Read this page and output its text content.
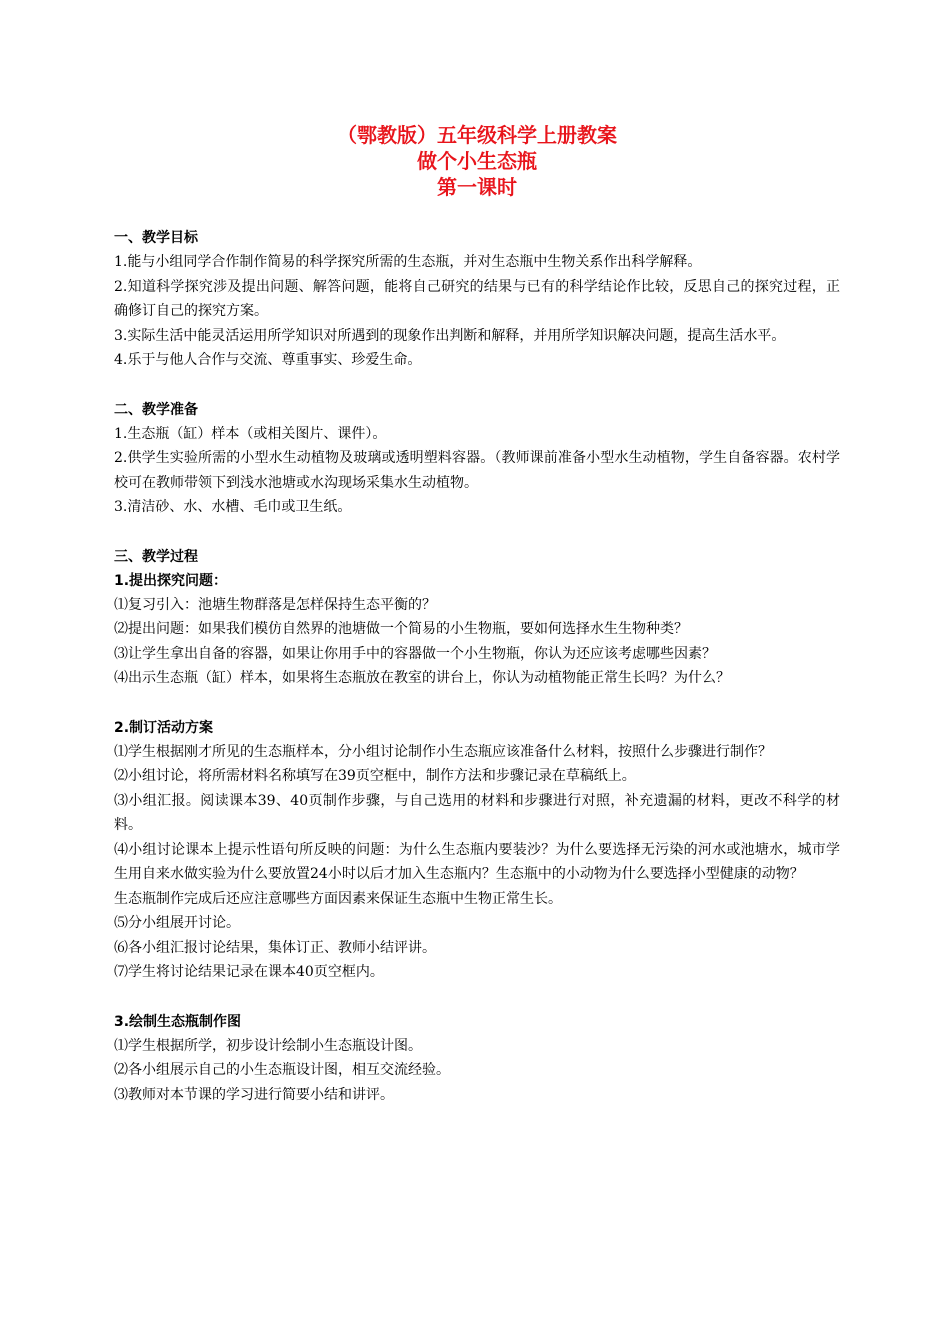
（鄂教版）五年级科学上册教案
做个小生态瓶
第一课时

一、教学目标

1.能与小组同学合作制作简易的科学探究所需的生态瓶，并对生态瓶中生物关系作出科学解释。

2.知道科学探究涉及提出问题、解答问题，能将自己研究的结果与已有的科学结论作比较，反思自己的探究过程，正确修订自己的探究方案。

3.实际生活中能灵活运用所学知识对所遇到的现象作出判断和解释，并用所学知识解决问题，提高生活水平。

4.乐于与他人合作与交流、尊重事实、珍爱生命。

二、教学准备

1.生态瓶（缸）样本（或相关图片、课件）。

2.供学生实验所需的小型水生动植物及玻璃或透明塑料容器。（教师课前准备小型水生动植物，学生自备容器。农村学校可在教师带领下到浅水池塘或水沟现场采集水生动植物。

3.清洁砂、水、水槽、毛巾或卫生纸。

三、教学过程

1.提出探究问题：

⑴复习引入：池塘生物群落是怎样保持生态平衡的？

⑵提出问题：如果我们模仿自然界的池塘做一个简易的小生物瓶，要如何选择水生生物种类？

⑶让学生拿出自备的容器，如果让你用手中的容器做一个小生物瓶，你认为还应该考虑哪些因素？

⑷出示生态瓶（缸）样本，如果将生态瓶放在教室的讲台上，你认为动植物能正常生长吗？为什么？

2.制订活动方案

⑴学生根据刚才所见的生态瓶样本，分小组讨论制作小生态瓶应该准备什么材料，按照什么步骤进行制作？

⑵小组讨论，将所需材料名称填写在39页空框中，制作方法和步骤记录在草稿纸上。

⑶小组汇报。阅读课本39、40页制作步骤，与自己选用的材料和步骤进行对照，补充遗漏的材料，更改不科学的材料。

⑷小组讨论课本上提示性语句所反映的问题：为什么生态瓶内要装沙？为什么要选择无污染的河水或池塘水，城市学生用自来水做实验为什么要放置24小时以后才加入生态瓶内？生态瓶中的小动物为什么要选择小型健康的动物？

生态瓶制作完成后还应注意哪些方面因素来保证生态瓶中生物正常生长。

⑸分小组展开讨论。

⑹各小组汇报讨论结果，集体订正、教师小结评讲。

⑺学生将讨论结果记录在课本40页空框内。

3.绘制生态瓶制作图

⑴学生根据所学，初步设计绘制小生态瓶设计图。

⑵各小组展示自己的小生态瓶设计图，相互交流经验。

⑶教师对本节课的学习进行简要小结和讲评。
